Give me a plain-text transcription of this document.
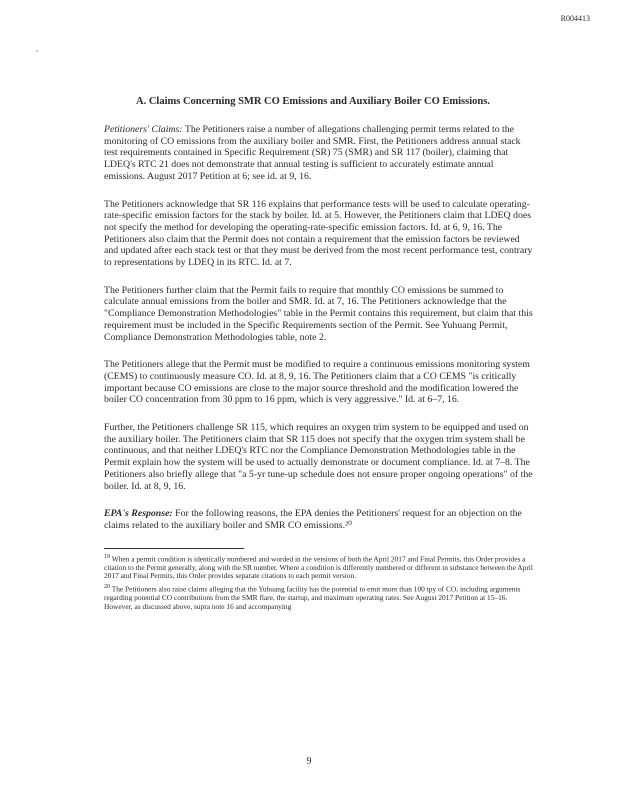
R004413
,
A. Claims Concerning SMR CO Emissions and Auxiliary Boiler CO Emissions.

Petitioners' Claims: The Petitioners raise a number of allegations challenging permit terms related to the monitoring of CO emissions from the auxiliary boiler and SMR. First, the Petitioners address annual stack test requirements contained in Specific Requirement (SR) 75 (SMR) and SR 117 (boiler), claiming that LDEQ's RTC 21 does not demonstrate that annual testing is sufficient to accurately estimate annual emissions. August 2017 Petition at 6; see id. at 9, 16.

The Petitioners acknowledge that SR 116 explains that performance tests will be used to calculate operating-rate-specific emission factors for the stack by boiler. Id. at 5. However, the Petitioners claim that LDEQ does not specify the method for developing the operating-rate-specific emission factors. Id. at 6, 9, 16. The Petitioners also claim that the Permit does not contain a requirement that the emission factors be reviewed and updated after each stack test or that they must be derived from the most recent performance test, contrary to representations by LDEQ in its RTC. Id. at 7.

The Petitioners further claim that the Permit fails to require that monthly CO emissions be summed to calculate annual emissions from the boiler and SMR. Id. at 7, 16. The Petitioners acknowledge that the "Compliance Demonstration Methodologies" table in the Permit contains this requirement, but claim that this requirement must be included in the Specific Requirements section of the Permit. See Yuhuang Permit, Compliance Demonstration Methodologies table, note 2.

The Petitioners allege that the Permit must be modified to require a continuous emissions monitoring system (CEMS) to continuously measure CO. Id. at 8, 9, 16. The Petitioners claim that a CO CEMS "is critically important because CO emissions are close to the major source threshold and the modification lowered the boiler CO concentration from 30 ppm to 16 ppm, which is very aggressive." Id. at 6–7, 16.

Further, the Petitioners challenge SR 115, which requires an oxygen trim system to be equipped and used on the auxiliary boiler. The Petitioners claim that SR 115 does not specify that the oxygen trim system shall be continuous, and that neither LDEQ's RTC nor the Compliance Demonstration Methodologies table in the Permit explain how the system will be used to actually demonstrate or document compliance. Id. at 7–8. The Petitioners also briefly allege that "a 5-yr tune-up schedule does not ensure proper ongoing operations" of the boiler. Id. at 8, 9, 16.

EPA's Response: For the following reasons, the EPA denies the Petitioners' request for an objection on the claims related to the auxiliary boiler and SMR CO emissions.²⁰

$^{19}$ When a permit condition is identically numbered and worded in the versions of both the April 2017 and Final Permits, this Order provides a citation to the Permit generally, along with the SR number. Where a condition is differently numbered or different in substance between the April 2017 and Final Permits, this Order provides separate citations to each permit version.

$^{20}$ The Petitioners also raise claims alleging that the Yuhuang facility has the potential to emit more than 100 tpy of CO, including arguments regarding potential CO contributions from the SMR flare, the startup, and maximum operating rates. See August 2017 Petition at 15–16. However, as discussed above, supra note 16 and accompanying

9
